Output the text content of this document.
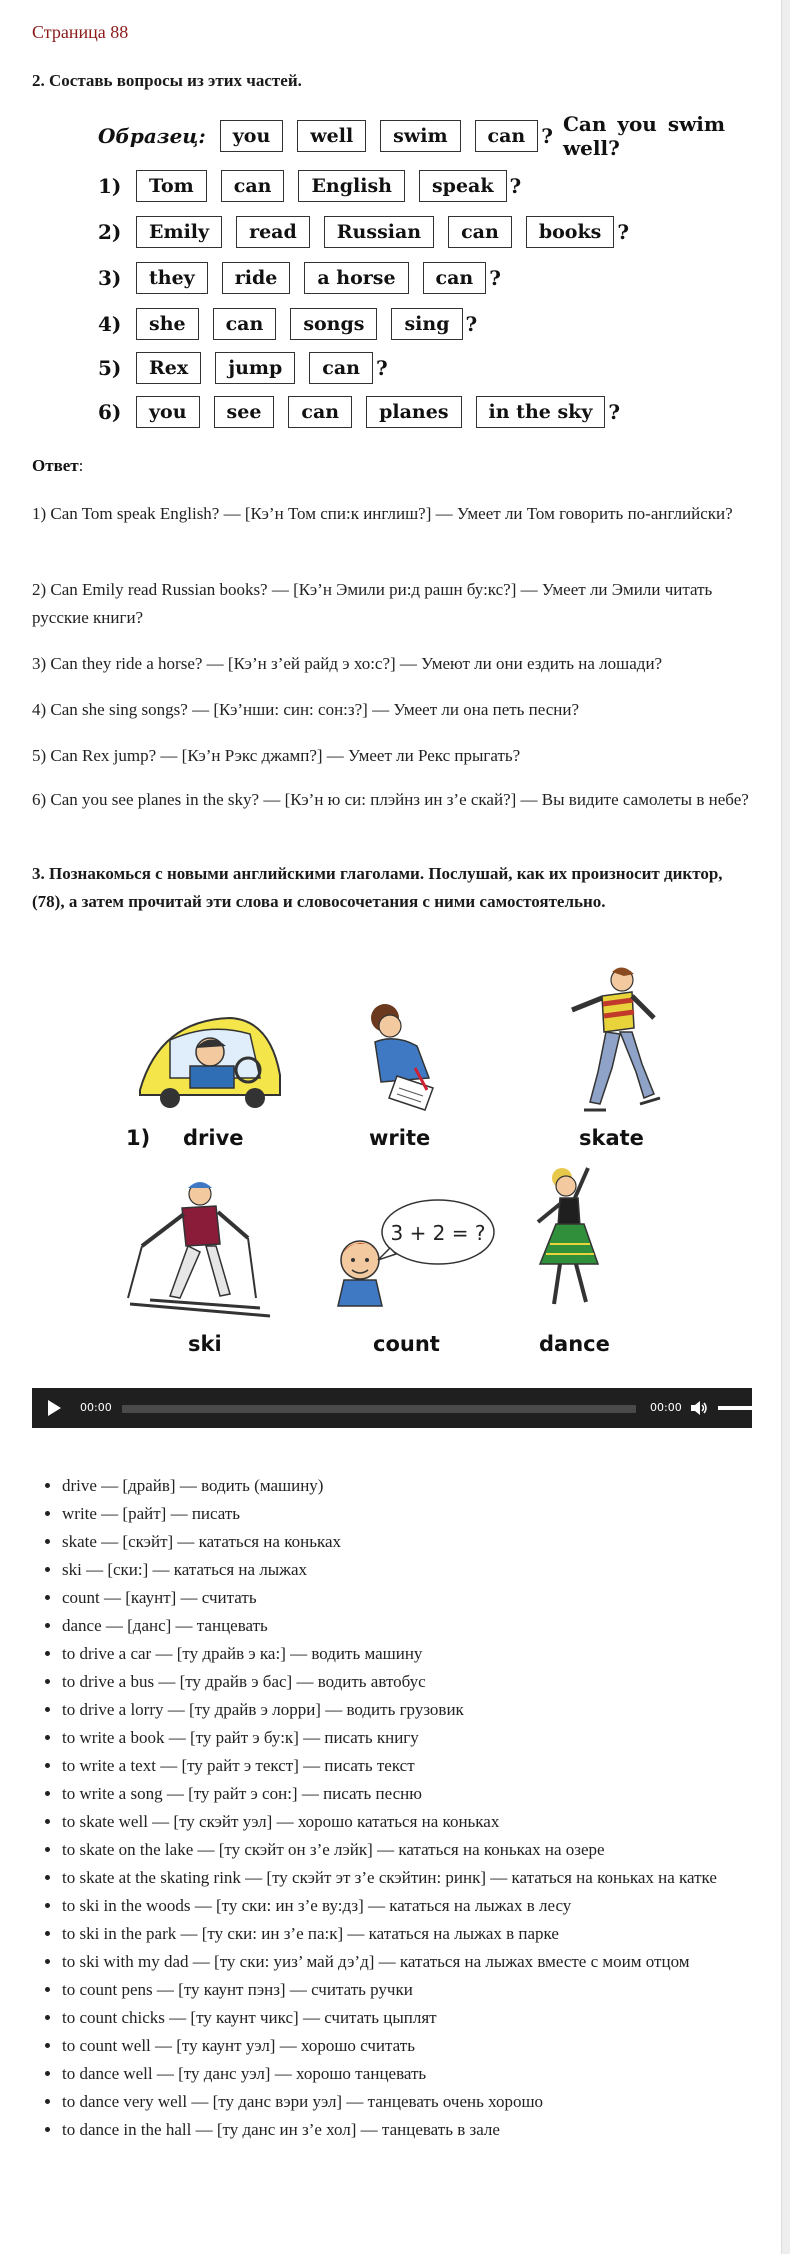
Страница 88
2. Составь вопросы из этих частей.
Образец:	you	well	swim	can ? Can you swim well?
1)	Tom	can	English	speak ?
2)	Emily	read	Russian	can	books ?
3)	they	ride	a horse	can ?
4)	she	can	songs	sing ?
5)	Rex	jump	can ?
6)	you	see	can	planes	in the sky ?
Ответ:
1) Can Tom speak English? — [Кэ’н Том спи:к инглиш?] — Умеет ли Том говорить по-английски?
2) Can Emily read Russian books? — [Кэ’н Эмили ри:д рашн бу:кс?] — Умеет ли Эмили читать русские книги?
3) Can they ride a horse? — [Кэ’н з’ей райд э хо:с?] — Умеют ли они ездить на лошади?
4) Can she sing songs? — [Кэ’нши: син: сон:з?] — Умеет ли она петь песни?
5) Can Rex jump? — [Кэ’н Рэкс джамп?] — Умеет ли Рекс прыгать?
6) Can you see planes in the sky? — [Кэ’н ю си: плэйнз ин з’е скай?] — Вы видите самолеты в небе?
3. Познакомься с новыми английскими глаголами. Послушай, как их произносит диктор, (78), а затем прочитай эти слова и словосочетания с ними самостоятельно.
3 + 2 = ?
1) drive	write	skate
ski	count	dance
00:00	00:00
• drive — [драйв] — водить (машину)
• write — [райт] — писать
• skate — [скэйт] — кататься на коньках
• ski — [ски:] — кататься на лыжах
• count — [каунт] — считать
• dance — [данс] — танцевать
• to drive a car — [ту драйв э ка:] — водить машину
• to drive a bus — [ту драйв э бас] — водить автобус
• to drive a lorry — [ту драйв э лорри] — водить грузовик
• to write a book — [ту райт э бу:к] — писать книгу
• to write a text — [ту райт э текст] — писать текст
• to write a song — [ту райт э сон:] — писать песню
• to skate well — [ту скэйт уэл] — хорошо кататься на коньках
• to skate on the lake — [ту скэйт он з’е лэйк] — кататься на коньках на озере
• to skate at the skating rink — [ту скэйт эт з’е скэйтин: ринк] — кататься на коньках на катке
• to ski in the woods — [ту ски: ин з’е ву:дз] — кататься на лыжах в лесу
• to ski in the park — [ту ски: ин з’е па:к] — кататься на лыжах в парке
• to ski with my dad — [ту ски: уиз’ май дэ’д] — кататься на лыжах вместе с моим отцом
• to count pens — [ту каунт пэнз] — считать ручки
• to count chicks — [ту каунт чикс] — считать цыплят
• to count well — [ту каунт уэл] — хорошо считать
• to dance well — [ту данс уэл] — хорошо танцевать
• to dance very well — [ту данс вэри уэл] — танцевать очень хорошо
• to dance in the hall — [ту данс ин з’е хол] — танцевать в зале
